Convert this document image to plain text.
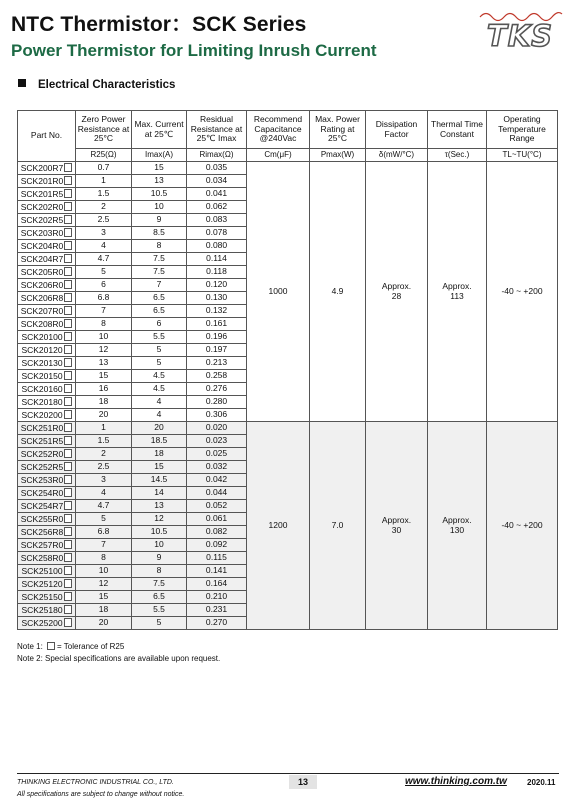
NTC Thermistor：SCK Series
Power Thermistor for Limiting Inrush Current	TKS
Electrical Characteristics
Part No.	Zero Power Resistance at 25°C	Max. Current at 25℃	Residual Resistance at 25℃ Imax	Recommend Capacitance @240Vac	Max. Power Rating at 25°C	Dissipation Factor	Thermal Time Constant	Operating Temperature Range
	R25(Ω)	Imax(A)	Rimax(Ω)	Cm(μF)	Pmax(W)	δ(mW/°C)	τ(Sec.)	TL~TU(°C)
SCK200R7	0.7	15	0.035	1000	4.9	Approx. 28	Approx. 113	-40 ~ +200
SCK201R0	1	13	0.034					
SCK201R5	1.5	10.5	0.041					
SCK202R0	2	10	0.062					
SCK202R5	2.5	9	0.083					
SCK203R0	3	8.5	0.078					
SCK204R0	4	8	0.080					
SCK204R7	4.7	7.5	0.114					
SCK205R0	5	7.5	0.118					
SCK206R0	6	7	0.120					
SCK206R8	6.8	6.5	0.130					
SCK207R0	7	6.5	0.132					
SCK208R0	8	6	0.161					
SCK20100	10	5.5	0.196					
SCK20120	12	5	0.197					
SCK20130	13	5	0.213					
SCK20150	15	4.5	0.258					
SCK20160	16	4.5	0.276					
SCK20180	18	4	0.280					
SCK20200	20	4	0.306					
SCK251R0	1	20	0.020	1200	7.0	Approx. 30	Approx. 130	-40 ~ +200
SCK251R5	1.5	18.5	0.023					
SCK252R0	2	18	0.025					
SCK252R5	2.5	15	0.032					
SCK253R0	3	14.5	0.042					
SCK254R0	4	14	0.044					
SCK254R7	4.7	13	0.052					
SCK255R0	5	12	0.061					
SCK256R8	6.8	10.5	0.082					
SCK257R0	7	10	0.092					
SCK258R0	8	9	0.115					
SCK25100	10	8	0.141					
SCK25120	12	7.5	0.164					
SCK25150	15	6.5	0.210					
SCK25180	18	5.5	0.231					
SCK25200	20	5	0.270					
Note 1: = Tolerance of R25
Note 2: Special specifications are available upon request.
THINKING ELECTRONIC INDUSTRIAL CO., LTD.
All specifications are subject to change without notice.
13	www.thinking.com.tw	2020.11
